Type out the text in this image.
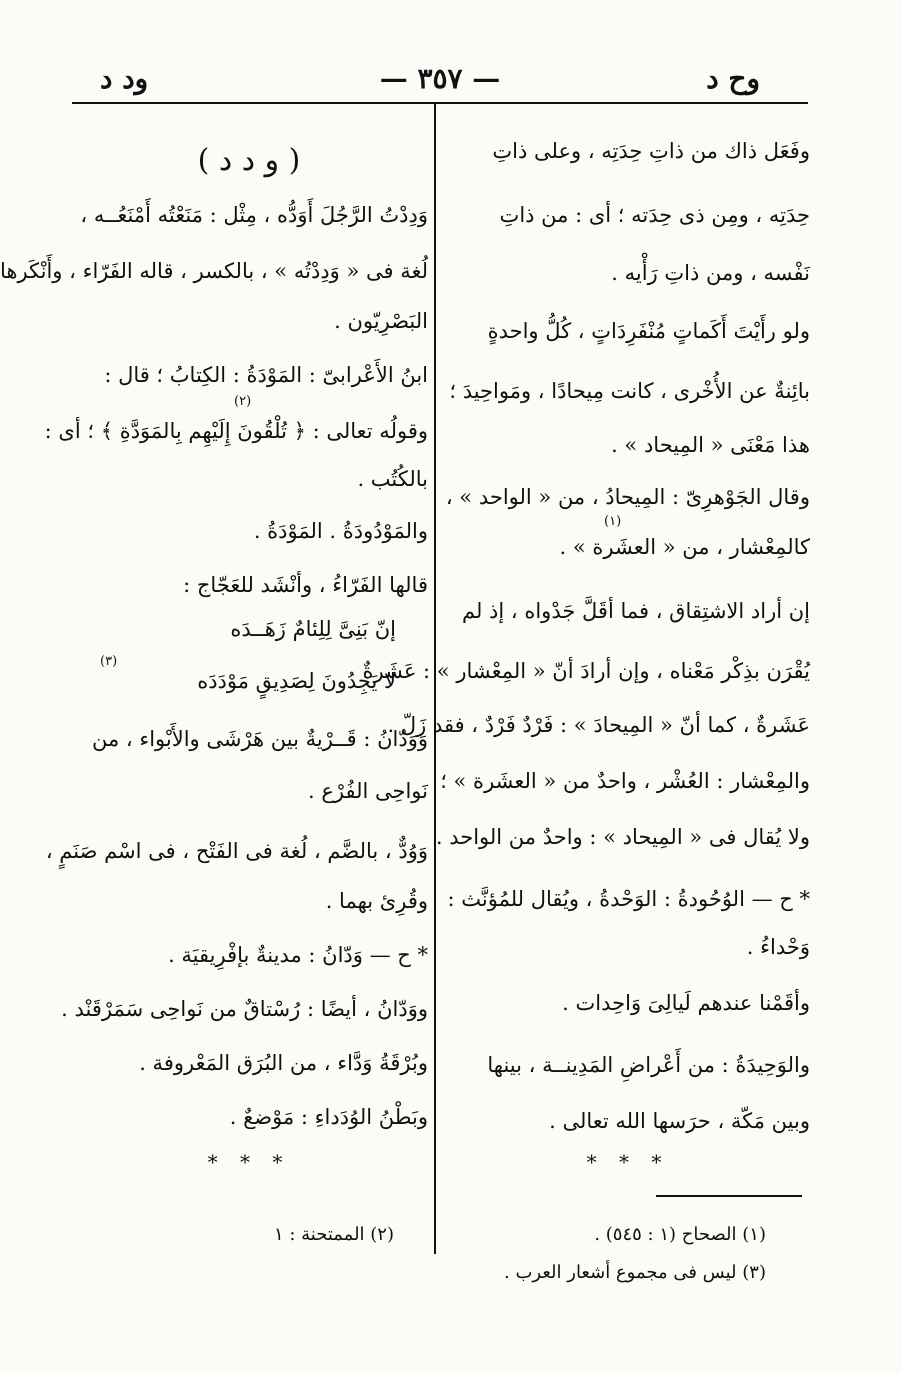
وح د
— ٣٥٧ —
ود د
وفَعَل ذاك من ذاتِ حِدَتِه ، وعلى ذاتِ
حِدَتِه ، ومِن ذى حِدَته ؛ أى : من ذاتِ
نَفْسه ، ومن ذاتِ رَأْيه .
ولو رأَيْتَ أَكَماتٍ مُنْفَرِدَاتٍ ، كُلُّ واحدةٍ
بائِنةٌ عن الأُخْرى ، كانت مِيحادًا ، ومَواحِيدَ ؛
هذا مَعْنَى « المِيحاد » .
وقال الجَوْهرِىّ : المِيحادُ ، من « الواحد » ،
كالمِعْشار ، من « العشَرة » .
إن أراد الاشتِقاق ، فما أقَلَّ جَدْواه ، إذ لم
يُقْرَن بذِكْر مَعْناه ، وإن أرادَ أنّ « المِعْشار » : عَشَرةٌ
عَشَرةٌ ، كما أنّ « المِيحادَ » : فَرْدٌ فَرْدٌ ، فقد زَلّ .
والمِعْشار : العُشْر ، واحدٌ من « العشَرة » ؛
ولا يُقال فى « المِيحاد » : واحدٌ من الواحد .
* ح — الوُحُودةُ : الوَحْدةُ ، ويُقال للمُؤنَّث :
وَحْداءُ .
وأقَمْنا عندهم لَيالِىَ وَاحِدات .
والوَحِيدَةُ : من أَعْراضِ المَدِينــة ، بينها
وبين مَكّة ، حرَسها الله تعالى .
* * *
( و د د )
وَدِدْتُ الرَّجُلَ أَوَدُّه ، مِثْل : مَنَعْتُه أَمْنَعُــه ،
لُغة فى « وَدِدْتُه » ، بالكسر ، قاله الفَرّاء ، وأَنْكَرها
البَصْرِيّون .
ابنُ الأَعْرابىّ : المَوْدَةُ : الكِتابُ ؛ قال :
وقولُه تعالى : ﴿ تُلْقُونَ إِلَيْهِم بِالمَوَدَّةِ ﴾ ؛ أى :
بالكُتُب .
والمَوْدُودَةُ . المَوْدَةُ .
قالها الفَرّاءُ ، وأنْشَد للعَجّاج :
إنّ بَنِىَّ لِلِئامٌ زَهَــدَه
لا يَجِدُونَ لِصَدِيقٍ مَوْدَدَه
وَوَدّانُ : قَــرْيةٌ بين هَرْشَى والأَبْواء ، من
نَواحِى الفُرْع .
وَوُدٌّ ، بالضَّم ، لُغة فى الفَتْح ، فى اسْم صَنَمٍ ،
وقُرِئ بهما .
* ح — وَدّانُ : مدينةٌ بإفْرِيقيَة .
ووَدّانُ ، أيضًا : رُسْتاقٌ من نَواحِى سَمَرْقَنْد .
وبُرْقَةُ وَدَّاء ، من البُرَق المَعْروفة .
وبَطْنُ الوُدَداءِ : مَوْضعٌ .
* * *
(١)
(٢)
(٣)
(١) الصحاح (١ : ٥٤٥) .
(٣) ليس فى مجموع أشعار العرب .
(٢) الممتحنة : ١
